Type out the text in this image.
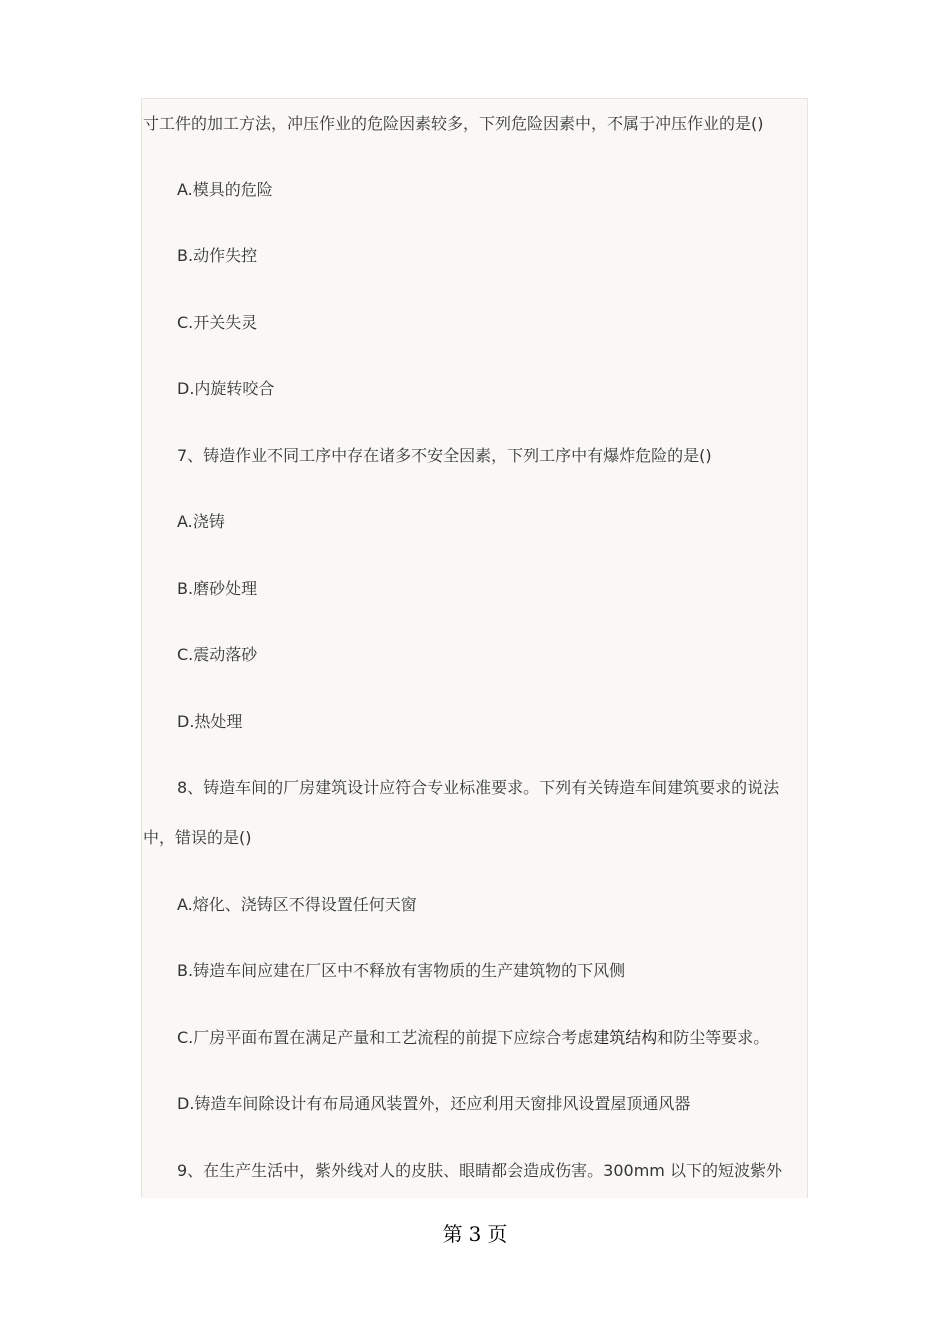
寸工件的加工方法，冲压作业的危险因素较多，下列危险因素中，不属于冲压作业的是()
A.模具的危险
B.动作失控
C.开关失灵
D.内旋转咬合
7、铸造作业不同工序中存在诸多不安全因素，下列工序中有爆炸危险的是()
A.浇铸
B.磨砂处理
C.震动落砂
D.热处理
8、铸造车间的厂房建筑设计应符合专业标准要求。下列有关铸造车间建筑要求的说法
中，错误的是()
A.熔化、浇铸区不得设置任何天窗
B.铸造车间应建在厂区中不释放有害物质的生产建筑物的下风侧
C.厂房平面布置在满足产量和工艺流程的前提下应综合考虑建筑结构和防尘等要求。
D.铸造车间除设计有布局通风装置外，还应利用天窗排风设置屋顶通风器
9、在生产生活中，紫外线对人的皮肤、眼睛都会造成伤害。300mm 以下的短波紫外
第 3 页
